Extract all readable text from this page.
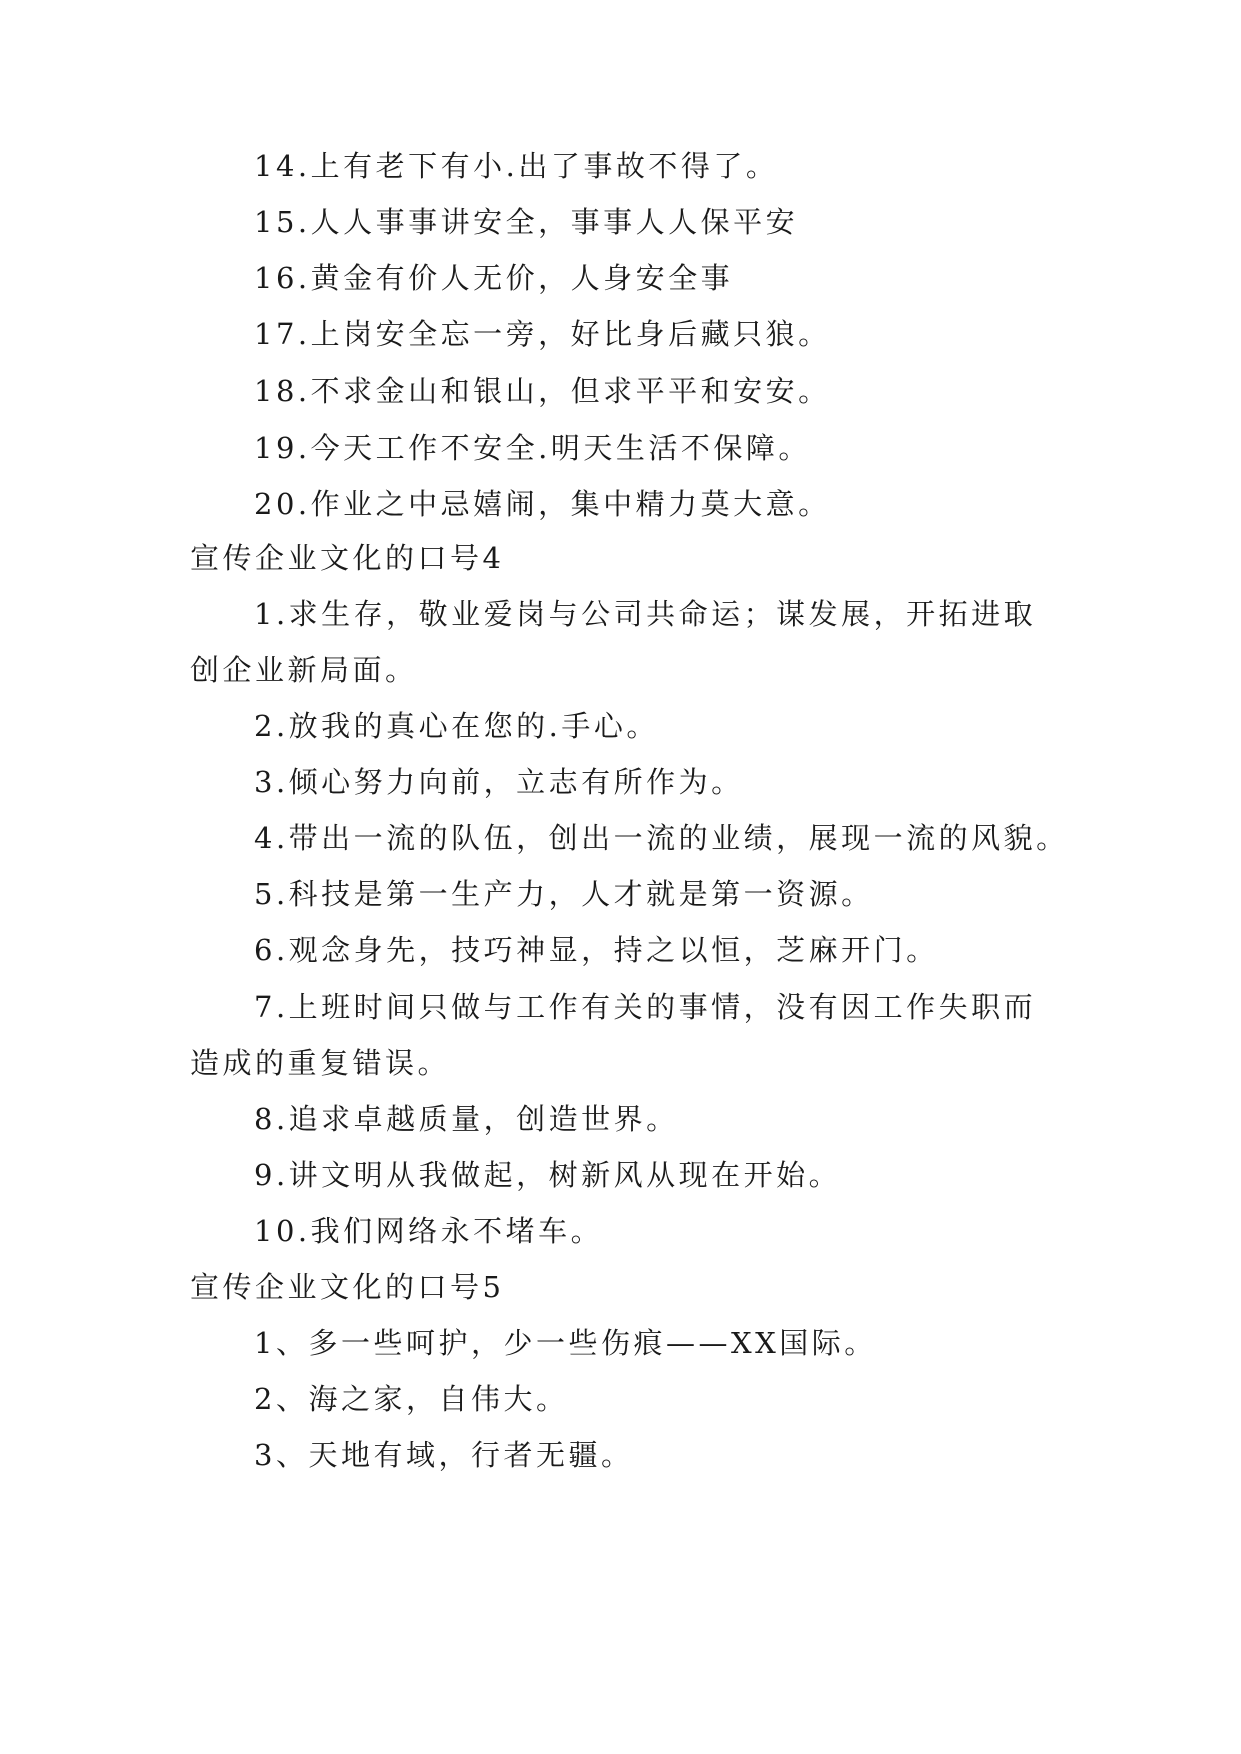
14.上有老下有小.出了事故不得了。
15.人人事事讲安全，事事人人保平安
16.黄金有价人无价，人身安全事
17.上岗安全忘一旁，好比身后藏只狼。
18.不求金山和银山，但求平平和安安。
19.今天工作不安全.明天生活不保障。
20.作业之中忌嬉闹，集中精力莫大意。
宣传企业文化的口号4
1.求生存，敬业爱岗与公司共命运；谋发展，开拓进取
创企业新局面。
2.放我的真心在您的.手心。
3.倾心努力向前，立志有所作为。
4.带出一流的队伍，创出一流的业绩，展现一流的风貌。
5.科技是第一生产力，人才就是第一资源。
6.观念身先，技巧神显，持之以恒，芝麻开门。
7.上班时间只做与工作有关的事情，没有因工作失职而
造成的重复错误。
8.追求卓越质量，创造世界。
9.讲文明从我做起，树新风从现在开始。
10.我们网络永不堵车。
宣传企业文化的口号5
1、多一些呵护，少一些伤痕——XX国际。
2、海之家，自伟大。
3、天地有域，行者无疆。
